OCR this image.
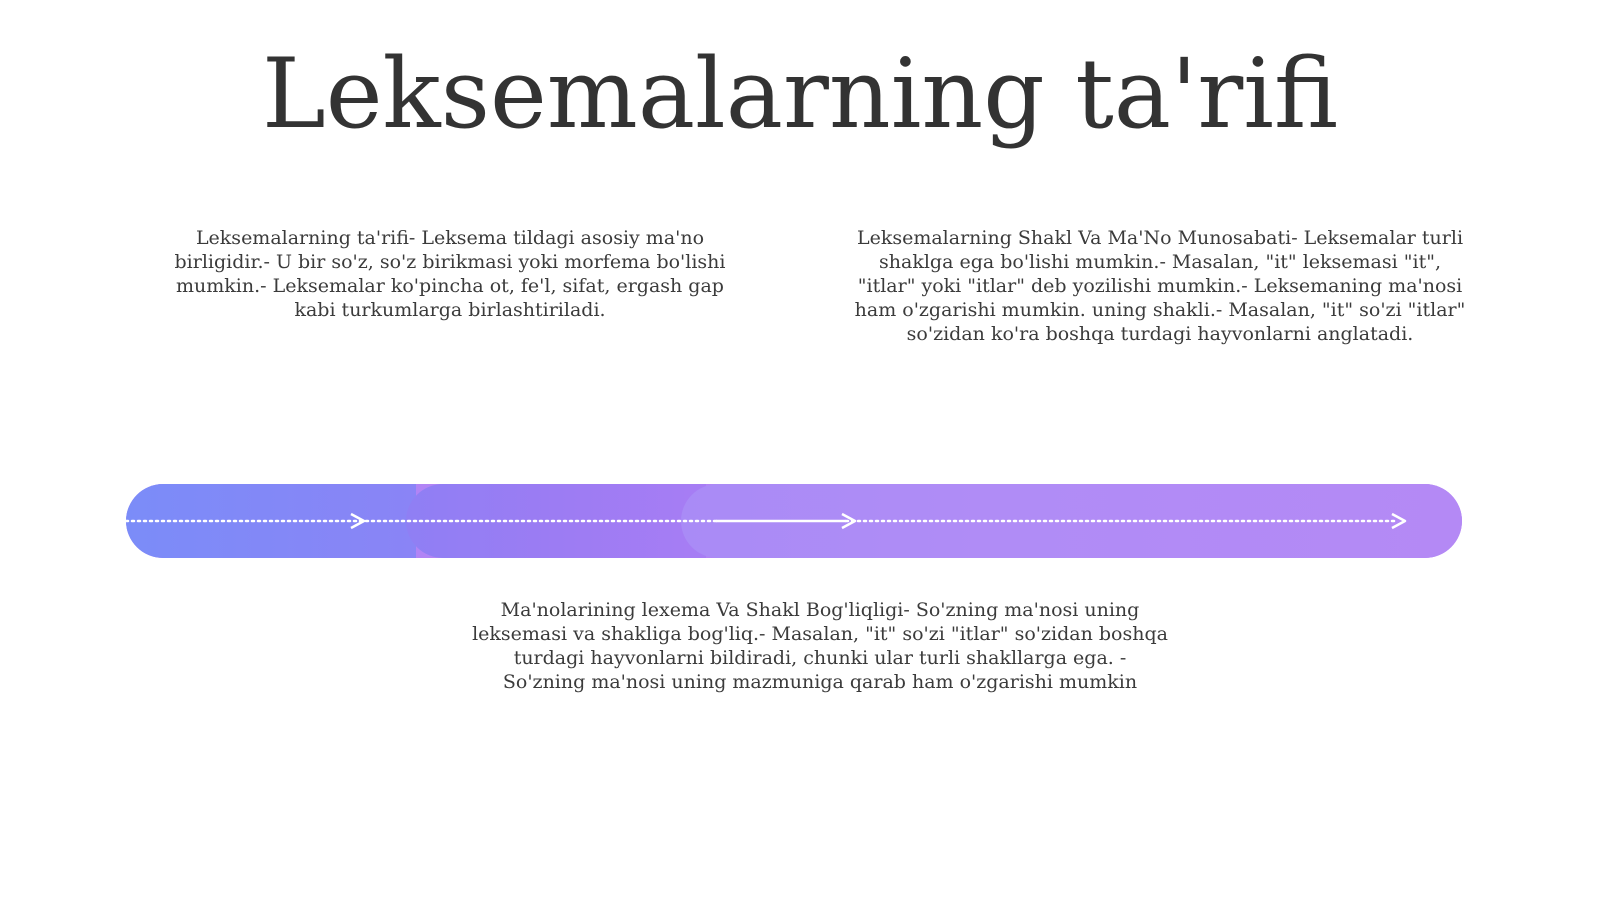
Leksemalarning ta'rifi

Leksemalarning ta'rifi- Leksema tildagi asosiy ma'no birligidir.- U bir so'z, so'z birikmasi yoki morfema bo'lishi mumkin.- Leksemalar ko'pincha ot, fe'l, sifat, ergash gap kabi turkumlarga birlashtiriladi.

Leksemalarning Shakl Va Ma'No Munosabati- Leksemalar turli shaklga ega bo'lishi mumkin.- Masalan, "it" leksemasi "it", "itlar" yoki "itlar" deb yozilishi mumkin.- Leksemaning ma'nosi ham o'zgarishi mumkin. uning shakli.- Masalan, "it" so'zi "itlar" so'zidan ko'ra boshqa turdagi hayvonlarni anglatadi.

Ma'nolarining lexema Va Shakl Bog'liqligi- So'zning ma'nosi uning leksemasi va shakliga bog'liq.- Masalan, "it" so'zi "itlar" so'zidan boshqa turdagi hayvonlarni bildiradi, chunki ular turli shakllarga ega. - So'zning ma'nosi uning mazmuniga qarab ham o'zgarishi mumkin
